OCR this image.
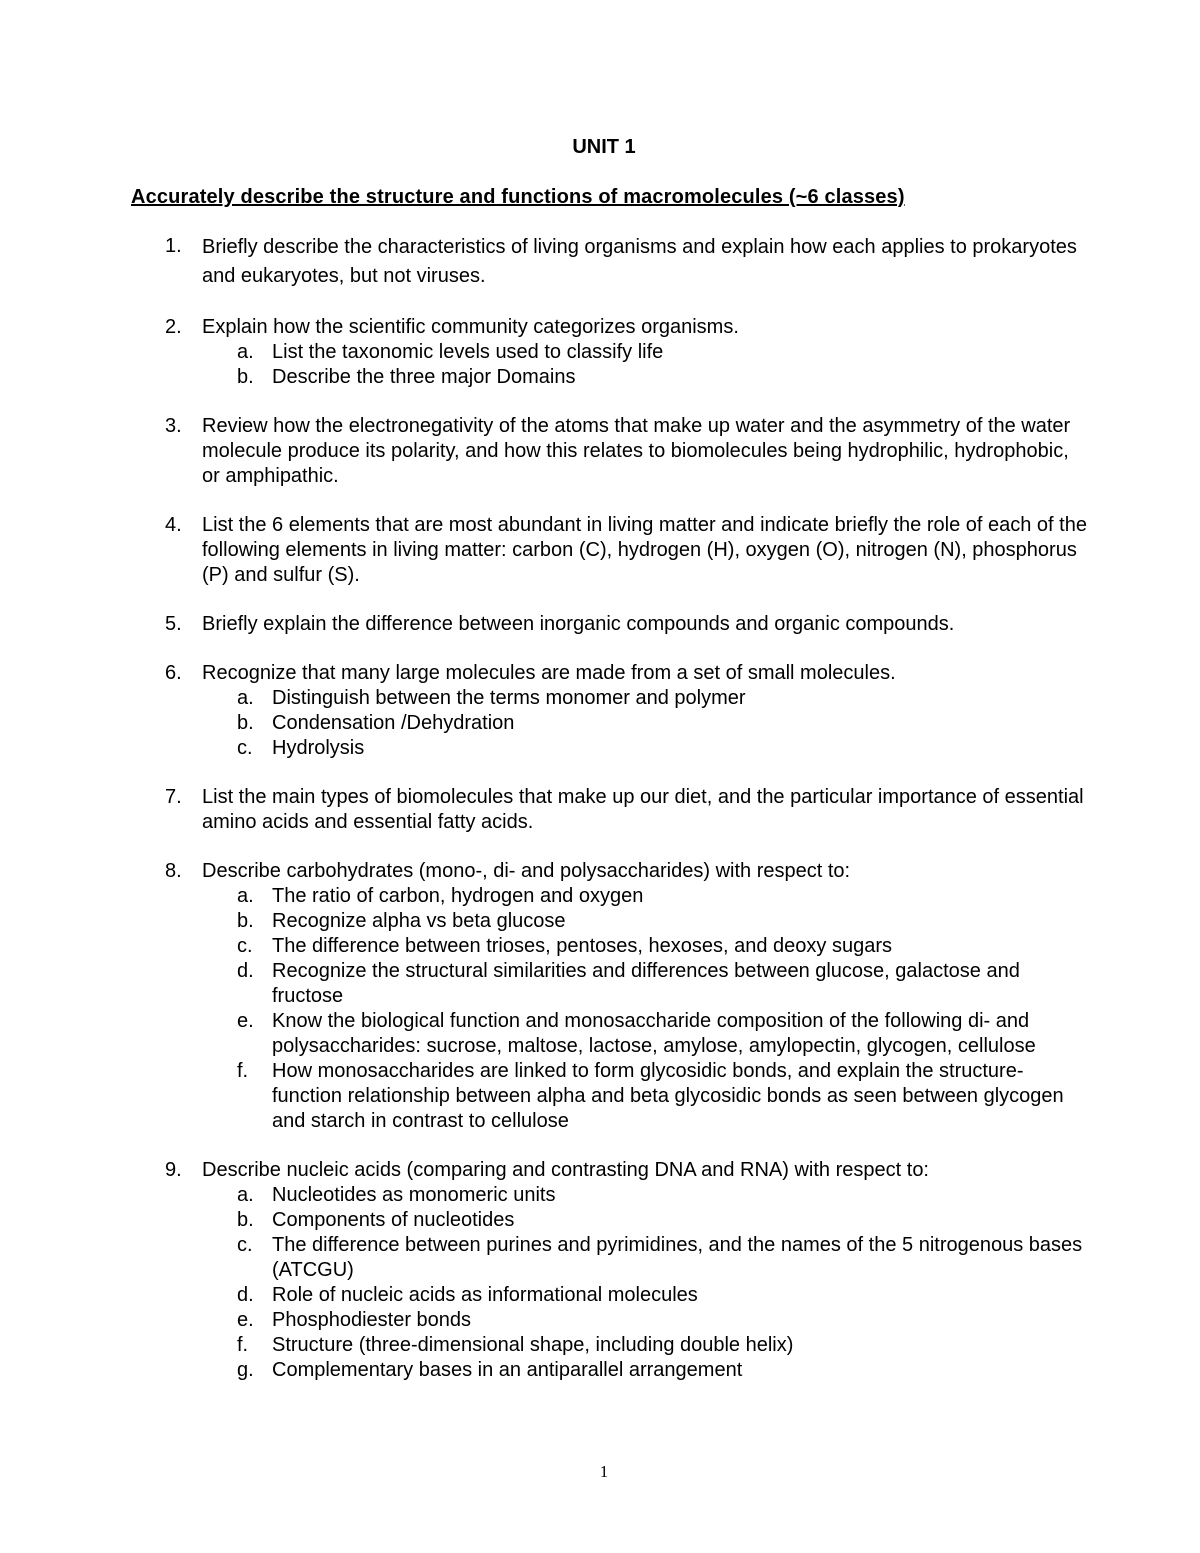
UNIT 1
Accurately describe the structure and functions of macromolecules (~6 classes)
1. Briefly describe the characteristics of living organisms and explain how each applies to prokaryotes and eukaryotes, but not viruses.
2. Explain how the scientific community categorizes organisms.
a. List the taxonomic levels used to classify life
b. Describe the three major Domains
3. Review how the electronegativity of the atoms that make up water and the asymmetry of the water molecule produce its polarity, and how this relates to biomolecules being hydrophilic, hydrophobic, or amphipathic.
4. List the 6 elements that are most abundant in living matter and indicate briefly the role of each of the following elements in living matter: carbon (C), hydrogen (H), oxygen (O), nitrogen (N), phosphorus (P) and sulfur (S).
5. Briefly explain the difference between inorganic compounds and organic compounds.
6. Recognize that many large molecules are made from a set of small molecules.
a. Distinguish between the terms monomer and polymer
b. Condensation /Dehydration
c. Hydrolysis
7. List the main types of biomolecules that make up our diet, and the particular importance of essential amino acids and essential fatty acids.
8. Describe carbohydrates (mono-, di- and polysaccharides) with respect to:
a. The ratio of carbon, hydrogen and oxygen
b. Recognize alpha vs beta glucose
c. The difference between trioses, pentoses, hexoses, and deoxy sugars
d. Recognize the structural similarities and differences between glucose, galactose and fructose
e. Know the biological function and monosaccharide composition of the following di- and polysaccharides: sucrose, maltose, lactose, amylose, amylopectin, glycogen, cellulose
f. How monosaccharides are linked to form glycosidic bonds, and explain the structure-function relationship between alpha and beta glycosidic bonds as seen between glycogen and starch in contrast to cellulose
9. Describe nucleic acids (comparing and contrasting DNA and RNA) with respect to:
a. Nucleotides as monomeric units
b. Components of nucleotides
c. The difference between purines and pyrimidines, and the names of the 5 nitrogenous bases (ATCGU)
d. Role of nucleic acids as informational molecules
e. Phosphodiester bonds
f. Structure (three-dimensional shape, including double helix)
g. Complementary bases in an antiparallel arrangement
1
